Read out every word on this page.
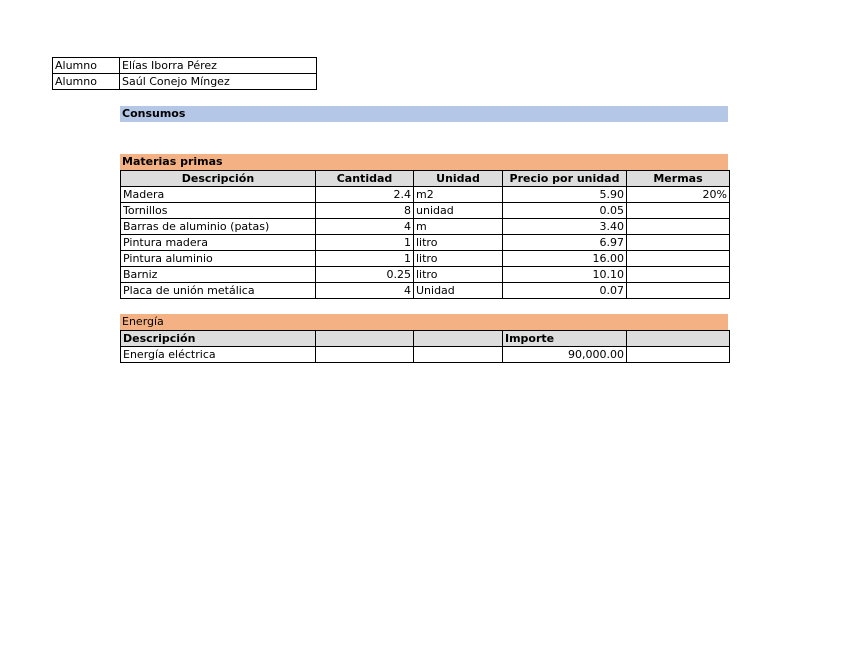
Alumno	Elías Iborra Pérez
Alumno	Saúl Conejo Míngez
Consumos
Materias primas
Descripción	Cantidad	Unidad	Precio por unidad	Mermas
Madera	2.4	m2	5.90	20%
Tornillos	8	unidad	0.05	
Barras de aluminio (patas)	4	m	3.40	
Pintura madera	1	litro	6.97	
Pintura aluminio	1	litro	16.00	
Barniz	0.25	litro	10.10	
Placa de unión metálica	4	Unidad	0.07	
Energía
Descripción			Importe	
Energía eléctrica			90,000.00	
